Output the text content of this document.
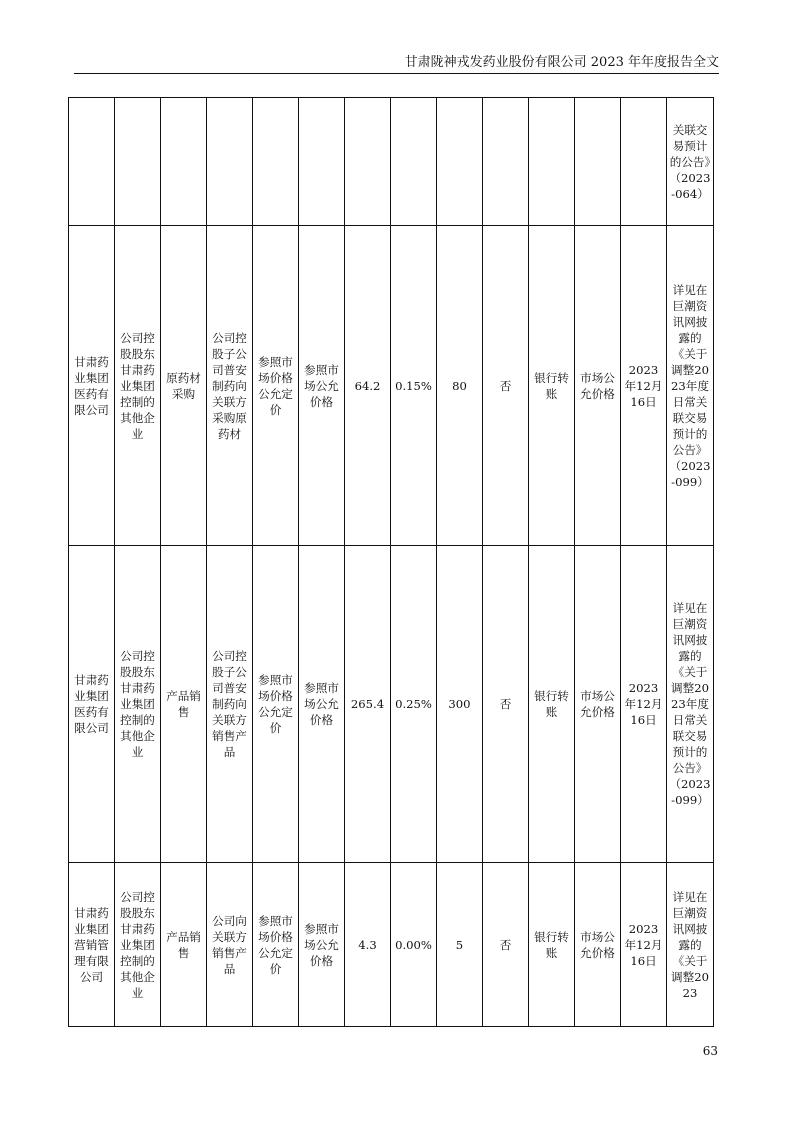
甘肃陇神戎发药业股份有限公司 2023 年年度报告全文
													关联交易预计的公告》（2023-064）
甘肃药业集团医药有限公司	公司控股股东甘肃药业集团控制的其他企业	原药材采购	公司控股子公司普安制药向关联方采购原药材	参照市场价格公允定价	参照市场公允价格	64.2	0.15%	80	否	银行转账	市场公允价格	2023年12月16日	详见在巨潮资讯网披露的《关于调整2023年度日常关联交易预计的公告》（2023-099）
甘肃药业集团医药有限公司	公司控股股东甘肃药业集团控制的其他企业	产品销售	公司控股子公司普安制药向关联方销售产品	参照市场价格公允定价	参照市场公允价格	265.4	0.25%	300	否	银行转账	市场公允价格	2023年12月16日	详见在巨潮资讯网披露的《关于调整2023年度日常关联交易预计的公告》（2023-099）
甘肃药业集团营销管理有限公司	公司控股股东甘肃药业集团控制的其他企业	产品销售	公司向关联方销售产品	参照市场价格公允定价	参照市场公允价格	4.3	0.00%	5	否	银行转账	市场公允价格	2023年12月16日	详见在巨潮资讯网披露的《关于调整2023
63
